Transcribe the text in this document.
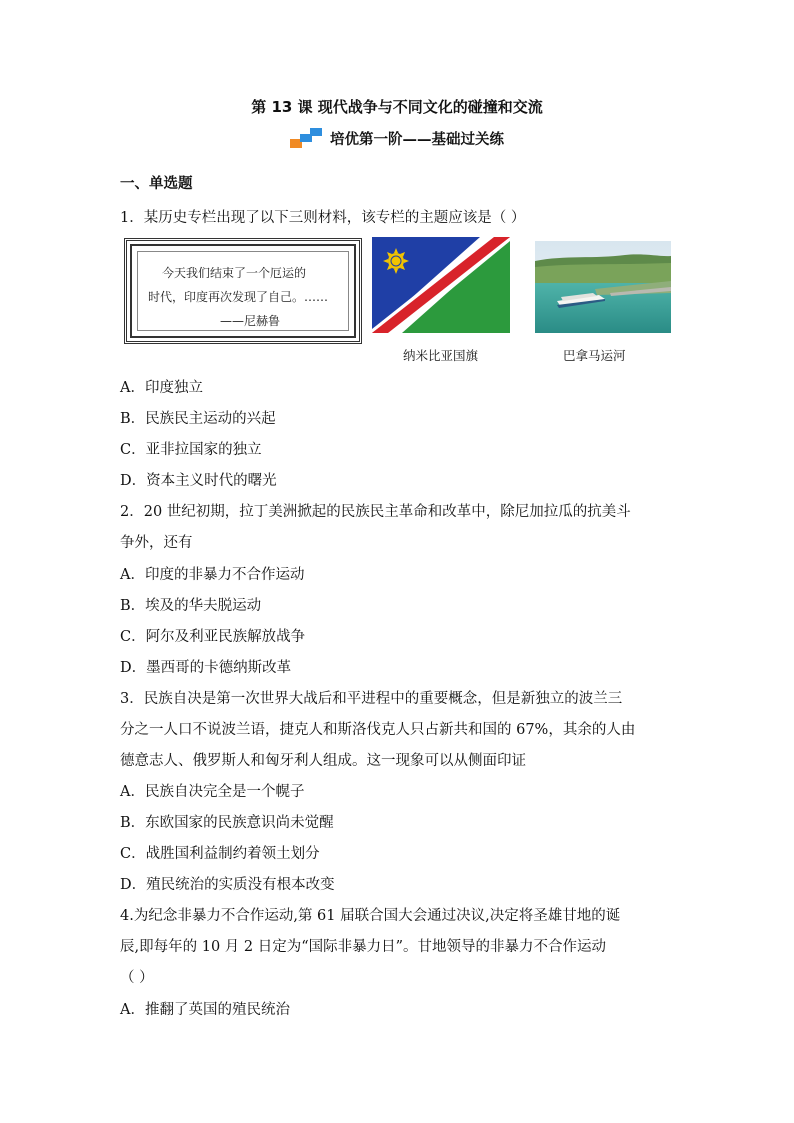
第 13 课 现代战争与不同文化的碰撞和交流
培优第一阶——基础过关练
一、单选题
1．某历史专栏出现了以下三则材料，该专栏的主题应该是（ ）
今天我们结束了一个厄运的
时代，印度再次发现了自己。……
——尼赫鲁
纳米比亚国旗	巴拿马运河
A．印度独立
B．民族民主运动的兴起
C．亚非拉国家的独立
D．资本主义时代的曙光
2．20 世纪初期，拉丁美洲掀起的民族民主革命和改革中，除尼加拉瓜的抗美斗
争外，还有
A．印度的非暴力不合作运动
B．埃及的华夫脱运动
C．阿尔及利亚民族解放战争
D．墨西哥的卡德纳斯改革
3．民族自决是第一次世界大战后和平进程中的重要概念，但是新独立的波兰三
分之一人口不说波兰语，捷克人和斯洛伐克人只占新共和国的 67%，其余的人由
德意志人、俄罗斯人和匈牙利人组成。这一现象可以从侧面印证
A．民族自决完全是一个幌子
B．东欧国家的民族意识尚未觉醒
C．战胜国利益制约着领土划分
D．殖民统治的实质没有根本改变
4.为纪念非暴力不合作运动,第 61 届联合国大会通过决议,决定将圣雄甘地的诞
辰,即每年的 10 月 2 日定为“国际非暴力日”。甘地领导的非暴力不合作运动
（ ）
A．推翻了英国的殖民统治
